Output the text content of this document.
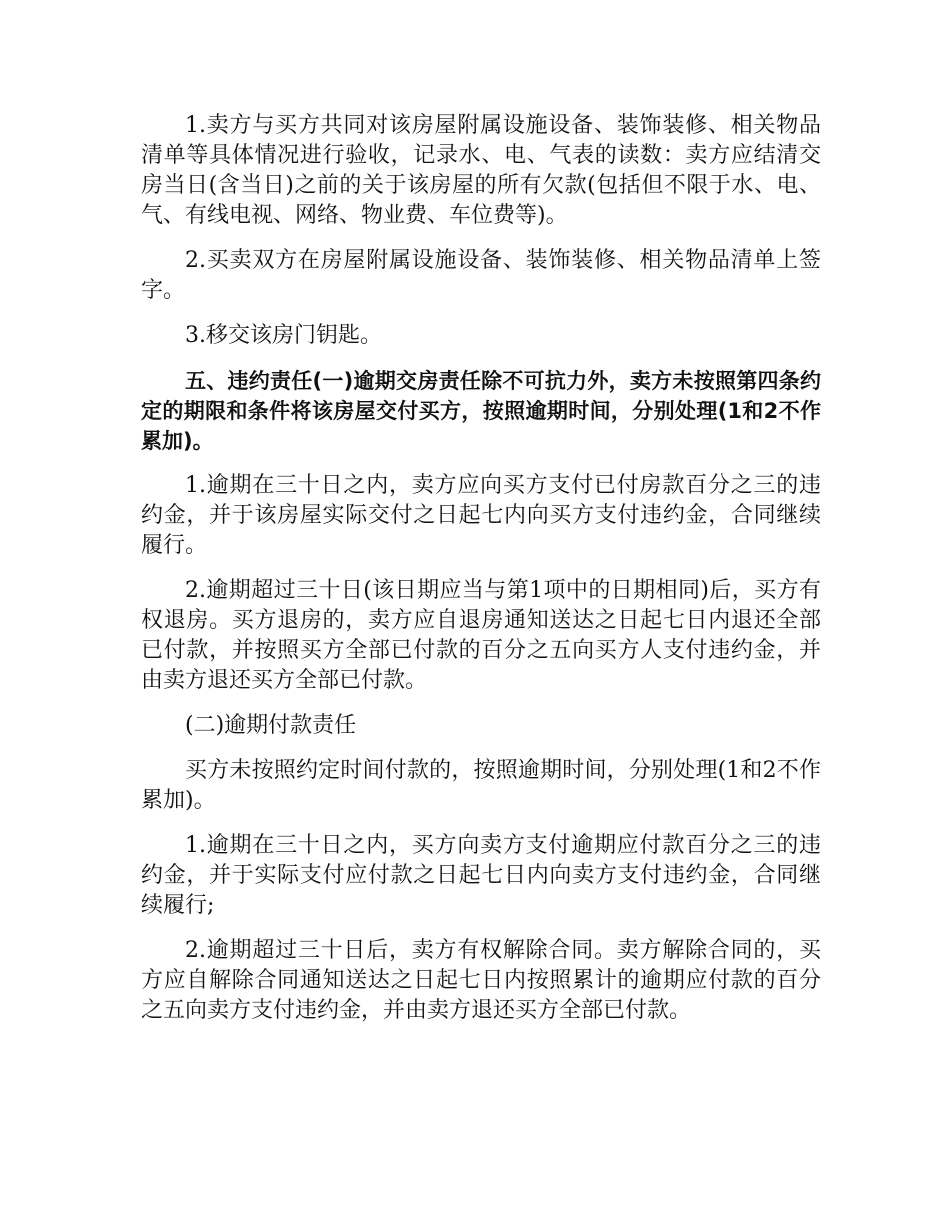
1.卖方与买方共同对该房屋附属设施设备、装饰装修、相关物品清单等具体情况进行验收，记录水、电、气表的读数：卖方应结清交房当日(含当日)之前的关于该房屋的所有欠款(包括但不限于水、电、气、有线电视、网络、物业费、车位费等)。

2.买卖双方在房屋附属设施设备、装饰装修、相关物品清单上签字。

3.移交该房门钥匙。

五、违约责任(一)逾期交房责任除不可抗力外，卖方未按照第四条约定的期限和条件将该房屋交付买方，按照逾期时间，分别处理(1和2不作累加)。

1.逾期在三十日之内，卖方应向买方支付已付房款百分之三的违约金，并于该房屋实际交付之日起七内向买方支付违约金，合同继续履行。

2.逾期超过三十日(该日期应当与第1项中的日期相同)后，买方有权退房。买方退房的，卖方应自退房通知送达之日起七日内退还全部已付款，并按照买方全部已付款的百分之五向买方人支付违约金，并由卖方退还买方全部已付款。

(二)逾期付款责任

买方未按照约定时间付款的，按照逾期时间，分别处理(1和2不作累加)。

1.逾期在三十日之内，买方向卖方支付逾期应付款百分之三的违约金，并于实际支付应付款之日起七日内向卖方支付违约金，合同继续履行;

2.逾期超过三十日后，卖方有权解除合同。卖方解除合同的，买方应自解除合同通知送达之日起七日内按照累计的逾期应付款的百分之五向卖方支付违约金，并由卖方退还买方全部已付款。
